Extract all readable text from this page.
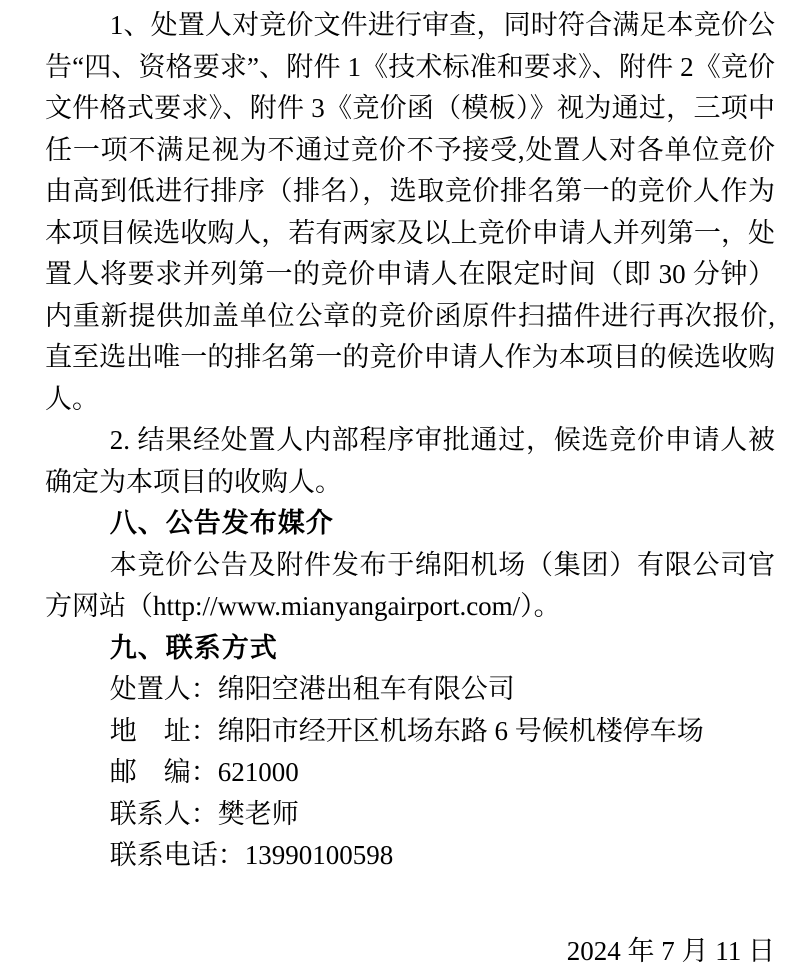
1、处置人对竞价文件进行审查，同时符合满足本竞价公告“四、资格要求”、附件 1《技术标准和要求》、附件 2《竞价文件格式要求》、附件 3《竞价函（模板）》视为通过，三项中任一项不满足视为不通过竞价不予接受,处置人对各单位竞价由高到低进行排序（排名），选取竞价排名第一的竞价人作为本项目候选收购人，若有两家及以上竞价申请人并列第一，处置人将要求并列第一的竞价申请人在限定时间（即 30 分钟）内重新提供加盖单位公章的竞价函原件扫描件进行再次报价,直至选出唯一的排名第一的竞价申请人作为本项目的候选收购人。

2. 结果经处置人内部程序审批通过，候选竞价申请人被确定为本项目的收购人。

八、公告发布媒介

本竞价公告及附件发布于绵阳机场（集团）有限公司官方网站（http://www.mianyangairport.com/）。

九、联系方式

处置人：绵阳空港出租车有限公司

地　址：绵阳市经开区机场东路 6 号候机楼停车场

邮　编：621000

联系人：樊老师

联系电话：13990100598

2024 年 7 月 11 日
